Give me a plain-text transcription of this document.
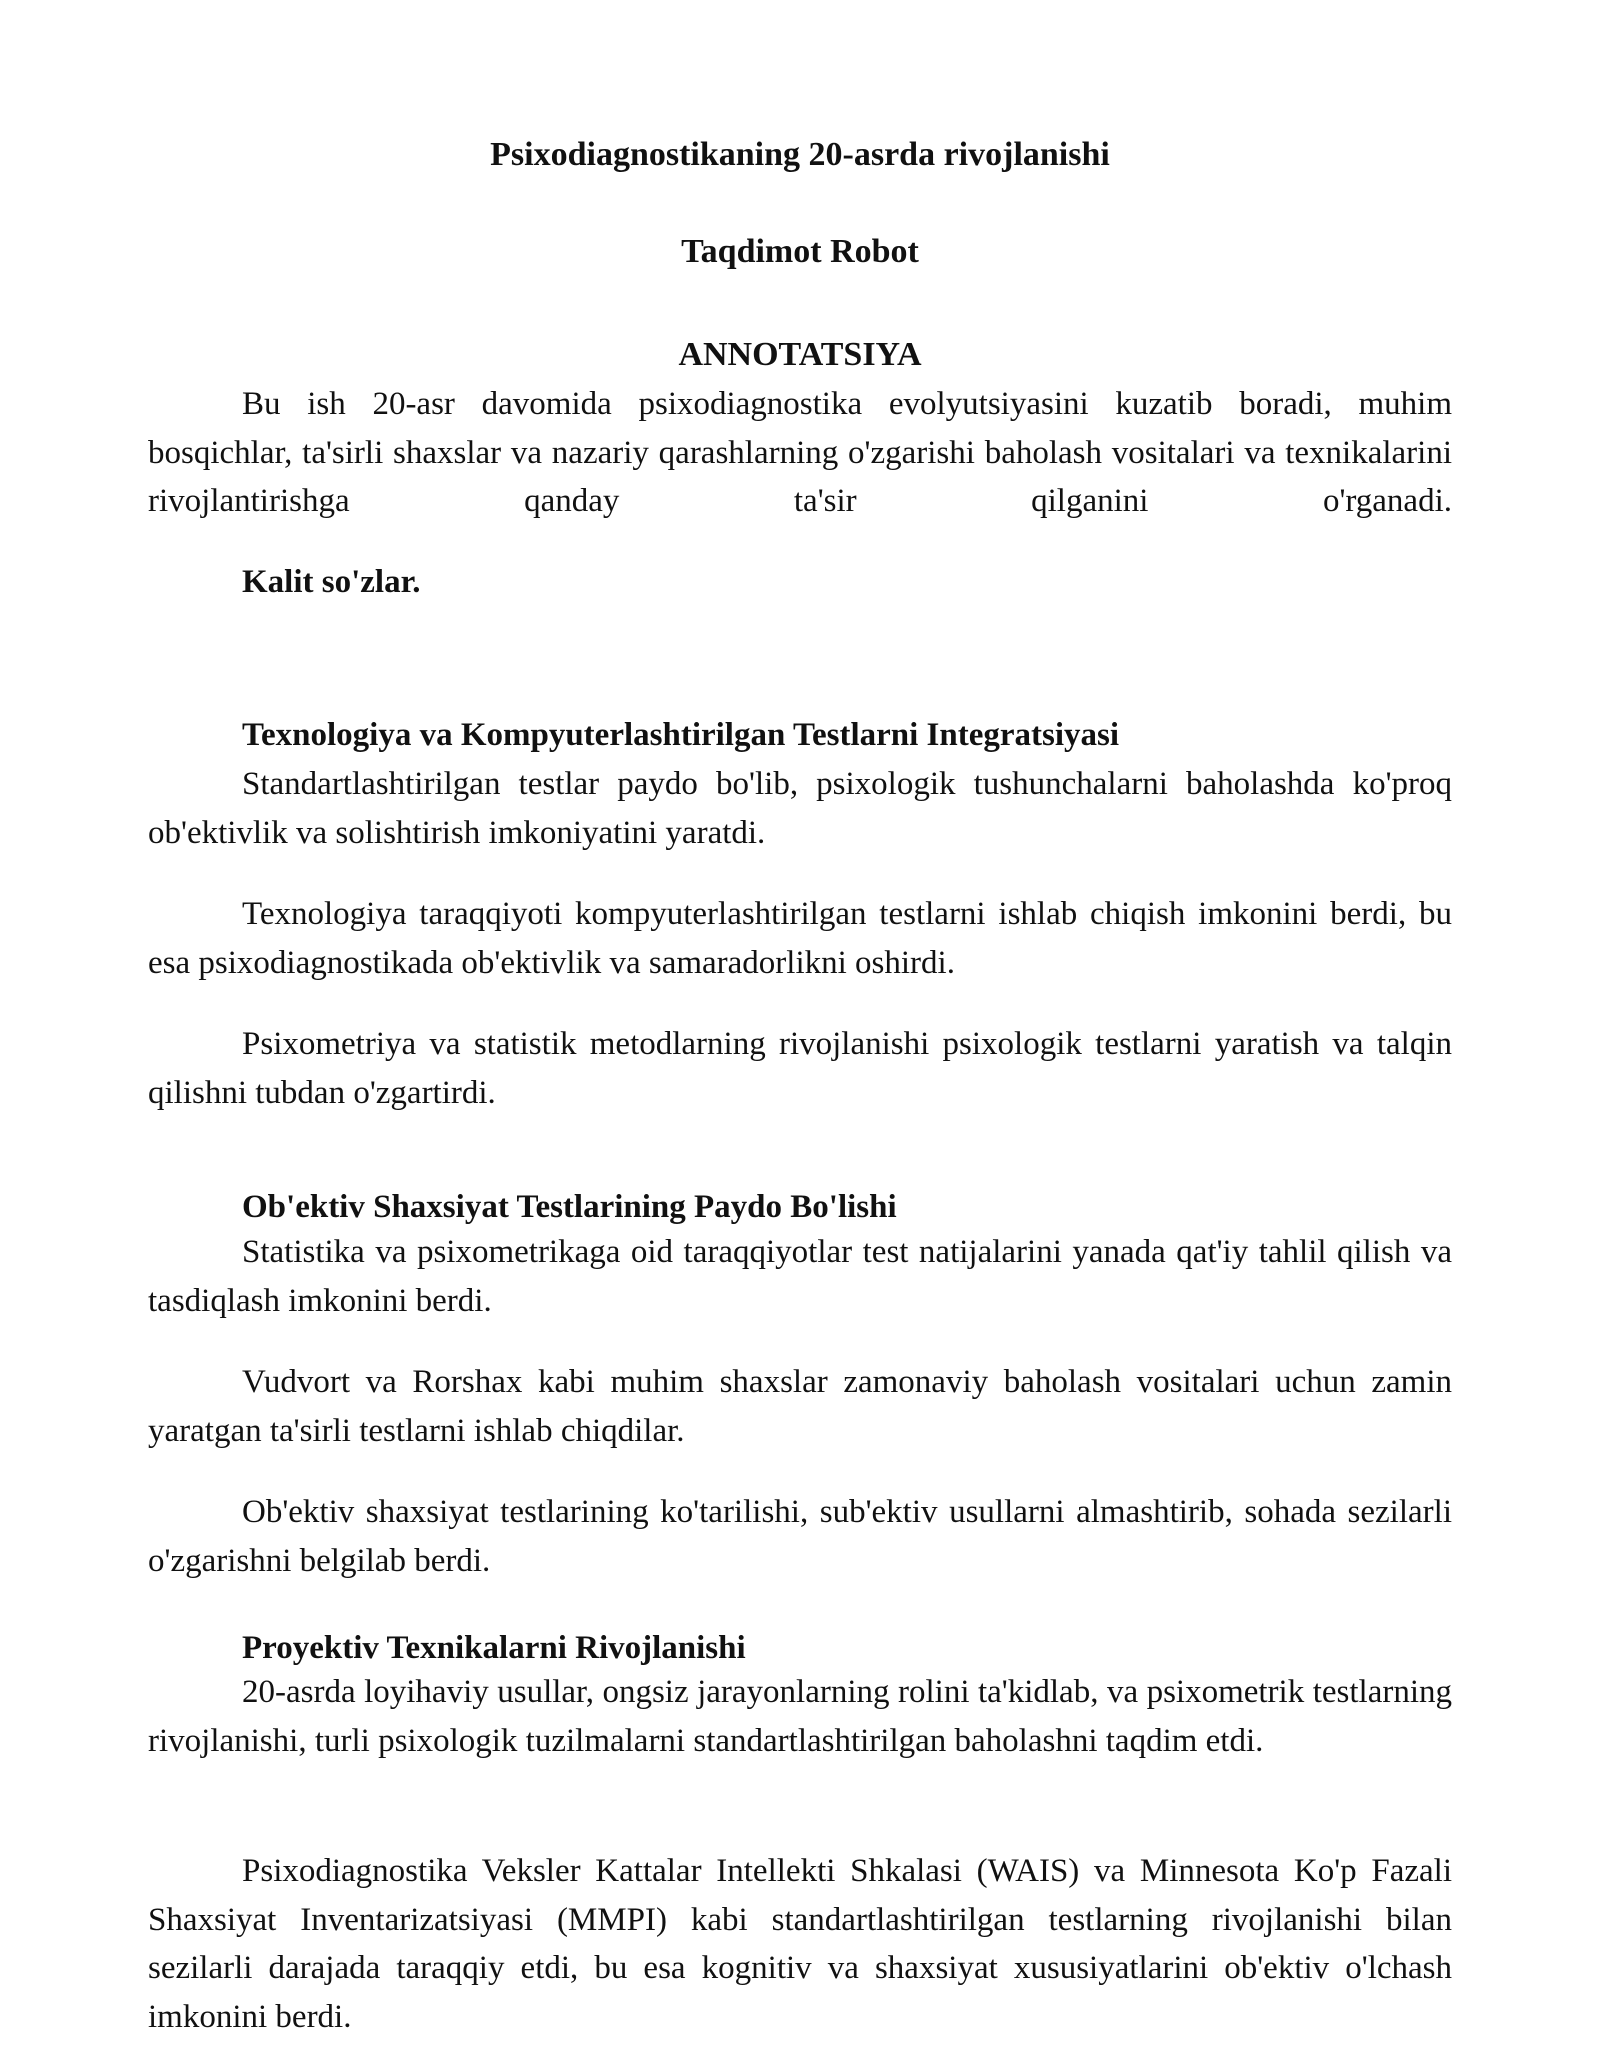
Psixodiagnostikaning 20-asrda rivojlanishi
Taqdimot Robot
ANNOTATSIYA

Bu ish 20-asr davomida psixodiagnostika evolyutsiyasini kuzatib boradi, muhim bosqichlar, ta'sirli shaxslar va nazariy qarashlarning o'zgarishi baholash vositalari va texnikalarini rivojlantirishga qanday ta'sir qilganini o'rganadi.

Kalit so'zlar.

Texnologiya va Kompyuterlashtirilgan Testlarni Integratsiyasi

Standartlashtirilgan testlar paydo bo'lib, psixologik tushunchalarni baholashda ko'proq ob'ektivlik va solishtirish imkoniyatini yaratdi.

Texnologiya taraqqiyoti kompyuterlashtirilgan testlarni ishlab chiqish imkonini berdi, bu esa psixodiagnostikada ob'ektivlik va samaradorlikni oshirdi.

Psixometriya va statistik metodlarning rivojlanishi psixologik testlarni yaratish va talqin qilishni tubdan o'zgartirdi.

Ob'ektiv Shaxsiyat Testlarining Paydo Bo'lishi

Statistika va psixometrikaga oid taraqqiyotlar test natijalarini yanada qat'iy tahlil qilish va tasdiqlash imkonini berdi.

Vudvort va Rorshax kabi muhim shaxslar zamonaviy baholash vositalari uchun zamin yaratgan ta'sirli testlarni ishlab chiqdilar.

Ob'ektiv shaxsiyat testlarining ko'tarilishi, sub'ektiv usullarni almashtirib, sohada sezilarli o'zgarishni belgilab berdi.

Proyektiv Texnikalarni Rivojlanishi

20-asrda loyihaviy usullar, ongsiz jarayonlarning rolini ta'kidlab, va psixometrik testlarning rivojlanishi, turli psixologik tuzilmalarni standartlashtirilgan baholashni taqdim etdi.

Psixodiagnostika Veksler Kattalar Intellekti Shkalasi (WAIS) va Minnesota Ko'p Fazali Shaxsiyat Inventarizatsiyasi (MMPI) kabi standartlashtirilgan testlarning rivojlanishi bilan sezilarli darajada taraqqiy etdi, bu esa kognitiv va shaxsiyat xususiyatlarini ob'ektiv o'lchash imkonini berdi.
